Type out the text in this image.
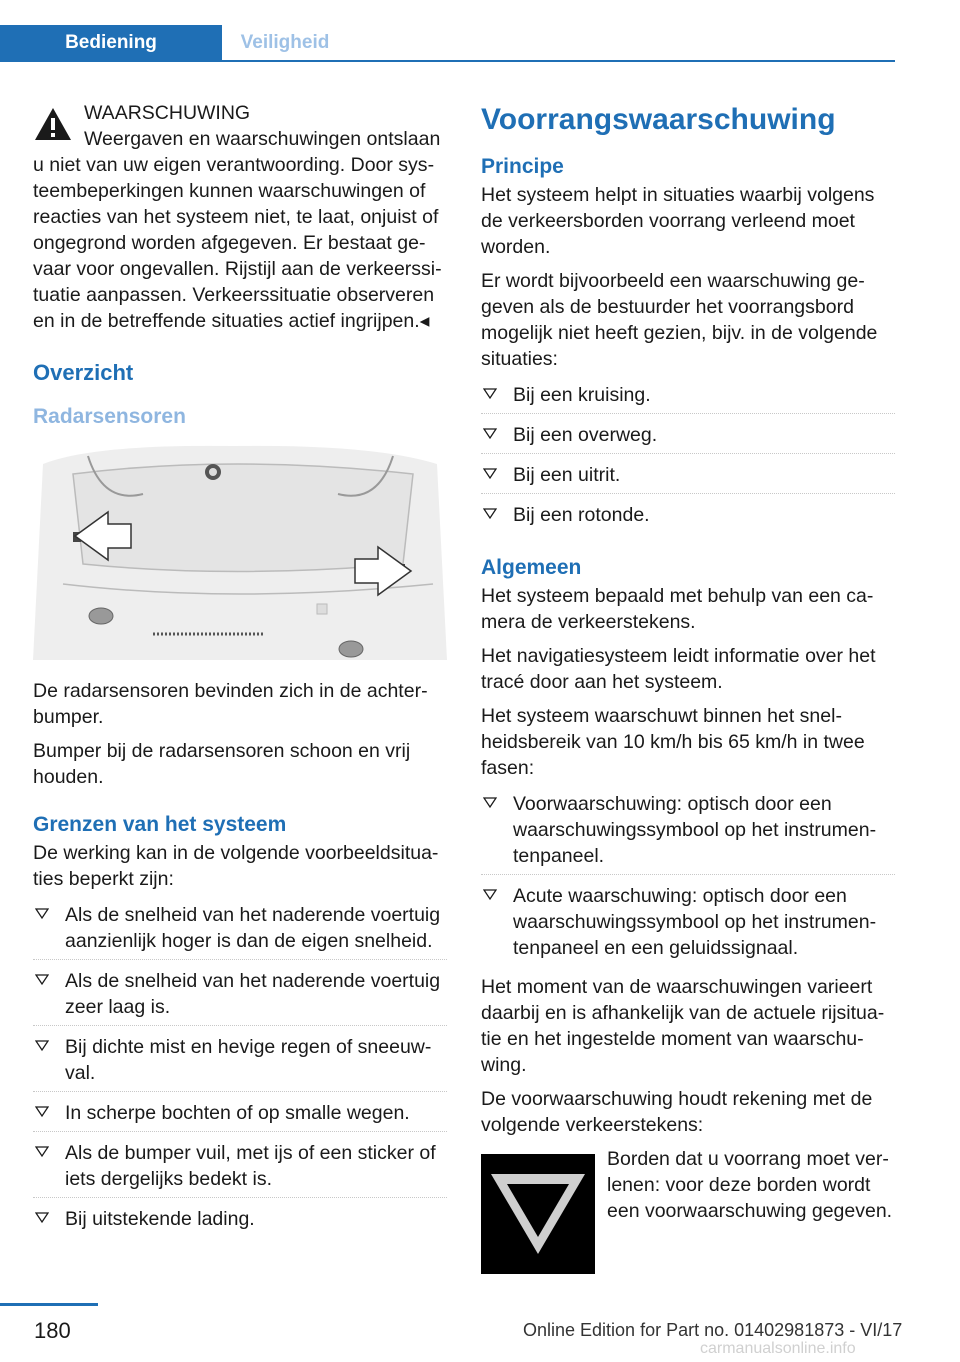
Bediening	Veiligheid

WAARSCHUWING

Weergaven en waarschuwingen ontslaan

u niet van uw eigen verantwoording. Door systeembeperkingen kunnen waarschuwingen of reacties van het systeem niet, te laat, onjuist of ongegrond worden afgegeven. Er bestaat gevaar voor ongevallen. Rijstijl aan de verkeerssituatie aanpassen. Verkeerssituatie observeren en in de betreffende situaties actief ingrijpen.◂

Overzicht
Radarsensoren

De radarsensoren bevinden zich in de achterbumper.

Bumper bij de radarsensoren schoon en vrij houden.

Grenzen van het systeem

De werking kan in de volgende voorbeeldsituaties beperkt zijn:

Als de snelheid van het naderende voertuig aanzienlijk hoger is dan de eigen snelheid.
Als de snelheid van het naderende voertuig zeer laag is.
Bij dichte mist en hevige regen of sneeuwval.
In scherpe bochten of op smalle wegen.
Als de bumper vuil, met ijs of een sticker of iets dergelijks bedekt is.
Bij uitstekende lading.
Voorrangswaarschuwing
Principe

Het systeem helpt in situaties waarbij volgens de verkeersborden voorrang verleend moet worden.

Er wordt bijvoorbeeld een waarschuwing gegeven als de bestuurder het voorrangsbord mogelijk niet heeft gezien, bijv. in de volgende situaties:

Bij een kruising.
Bij een overweg.
Bij een uitrit.
Bij een rotonde.
Algemeen

Het systeem bepaald met behulp van een camera de verkeerstekens.

Het navigatiesysteem leidt informatie over het tracé door aan het systeem.

Het systeem waarschuwt binnen het snelheidsbereik van 10 km/h bis 65 km/h in twee fasen:

Voorwaarschuwing: optisch door een waarschuwingssymbool op het instrumentenpaneel.
Acute waarschuwing: optisch door een waarschuwingssymbool op het instrumentenpaneel en een geluidssignaal.

Het moment van de waarschuwingen varieert daarbij en is afhankelijk van de actuele rijsituatie en het ingestelde moment van waarschuwing.

De voorwaarschuwing houdt rekening met de volgende verkeerstekens:

Borden dat u voorrang moet verlenen: voor deze borden wordt een voorwaarschuwing gegeven.

180	Online Edition for Part no. 01402981873 - VI/17
carmanualsonline.info
